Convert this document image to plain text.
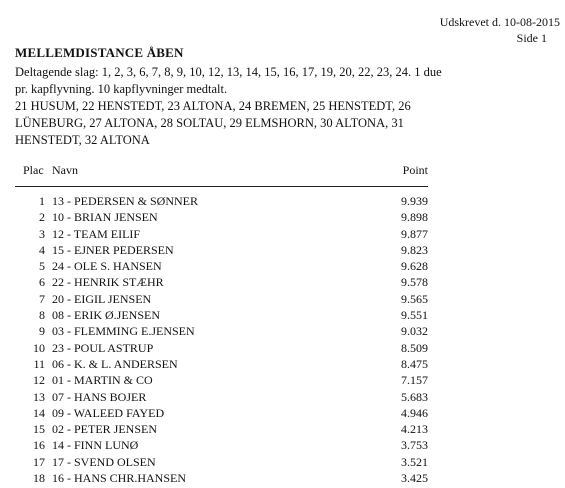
Udskrevet d. 10-08-2015
Side 1
MELLEMDISTANCE ÅBEN
Deltagende slag: 1, 2, 3, 6, 7, 8, 9, 10, 12, 13, 14, 15, 16, 17, 19, 20, 22, 23, 24. 1 due
pr. kapflyvning. 10 kapflyvninger medtalt.
21 HUSUM, 22 HENSTEDT, 23 ALTONA, 24 BREMEN, 25 HENSTEDT, 26
LÜNEBURG, 27 ALTONA, 28 SOLTAU, 29 ELMSHORN, 30 ALTONA, 31
HENSTEDT, 32 ALTONA
Plac Navn	Point
1 13 - PEDERSEN & SØNNER	9.939
2 10 - BRIAN JENSEN	9.898
3 12 - TEAM EILIF	9.877
4 15 - EJNER PEDERSEN	9.823
5 24 - OLE S. HANSEN	9.628
6 22 - HENRIK STÆHR	9.578
7 20 - EIGIL JENSEN	9.565
8 08 - ERIK Ø.JENSEN	9.551
9 03 - FLEMMING E.JENSEN	9.032
10 23 - POUL ASTRUP	8.509
11 06 - K. & L. ANDERSEN	8.475
12 01 - MARTIN & CO	7.157
13 07 - HANS BOJER	5.683
14 09 - WALEED FAYED	4.946
15 02 - PETER JENSEN	4.213
16 14 - FINN LUNØ	3.753
17 17 - SVEND OLSEN	3.521
18 16 - HANS CHR.HANSEN	3.425
